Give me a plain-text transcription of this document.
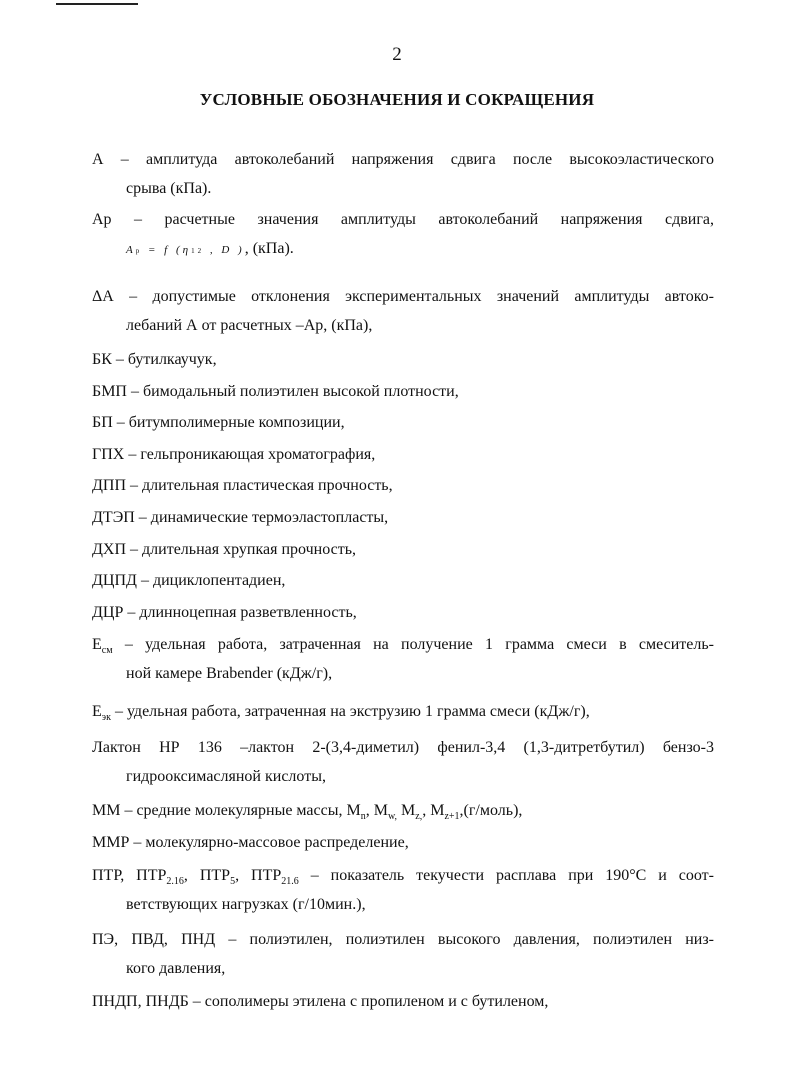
2
УСЛОВНЫЕ ОБОЗНАЧЕНИЯ И СОКРАЩЕНИЯ
А – амплитуда автоколебаний напряжения сдвига после высокоэластического
срыва (кПа).
Ар – расчетные значения амплитуды автоколебаний напряжения сдвига,
Ap = f (η12 , D ), (кПа).
ΔА – допустимые отклонения экспериментальных значений амплитуды автоко-
лебаний А от расчетных –Ар, (кПа),
БК – бутилкаучук,
БМП – бимодальный полиэтилен высокой плотности,
БП – битумполимерные композиции,
ГПХ – гельпроникающая хроматография,
ДПП – длительная пластическая прочность,
ДТЭП – динамические термоэластопласты,
ДХП – длительная хрупкая прочность,
ДЦПД – дициклопентадиен,
ДЦР – длинноцепная разветвленность,
$Е_{см}$ – удельная работа, затраченная на получение 1 грамма смеси в смеситель-
ной камере Brabender (кДж/г),
$Е_{эк}$ – удельная работа, затраченная на экструзию 1 грамма смеси (кДж/г),
Лактон НР 136 –лактон 2-(3,4-диметил) фенил-3,4 (1,3-дитретбутил) бензо-3
гидрооксимасляной кислоты,
ММ – средние молекулярные массы, $M_n$, $M_{w,}$ $M_{z,}$, $M_{z+1},(г/моль)$,
ММР – молекулярно-массовое распределение,
ПТР, $ПТР_{2.16}$, $ПТР_5$, $ПТР_{21.6}$ – показатель текучести расплава при 190°С и соот-
ветствующих нагрузках (г/10мин.),
ПЭ, ПВД, ПНД – полиэтилен, полиэтилен высокого давления, полиэтилен низ-
кого давления,
ПНДП, ПНДБ – сополимеры этилена с пропиленом и с бутиленом,
